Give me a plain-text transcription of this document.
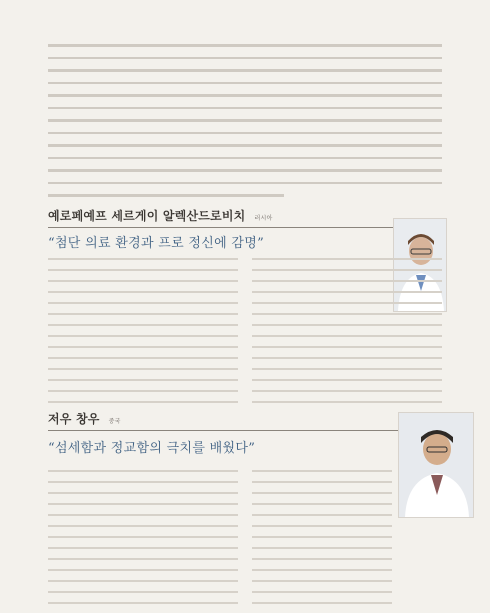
예로페예프 세르게이 알렉산드로비치 러시아
“첨단 의료 환경과 프로 정신에 감명”
저우 창우 중국
“섬세함과 정교함의 극치를 배웠다”
